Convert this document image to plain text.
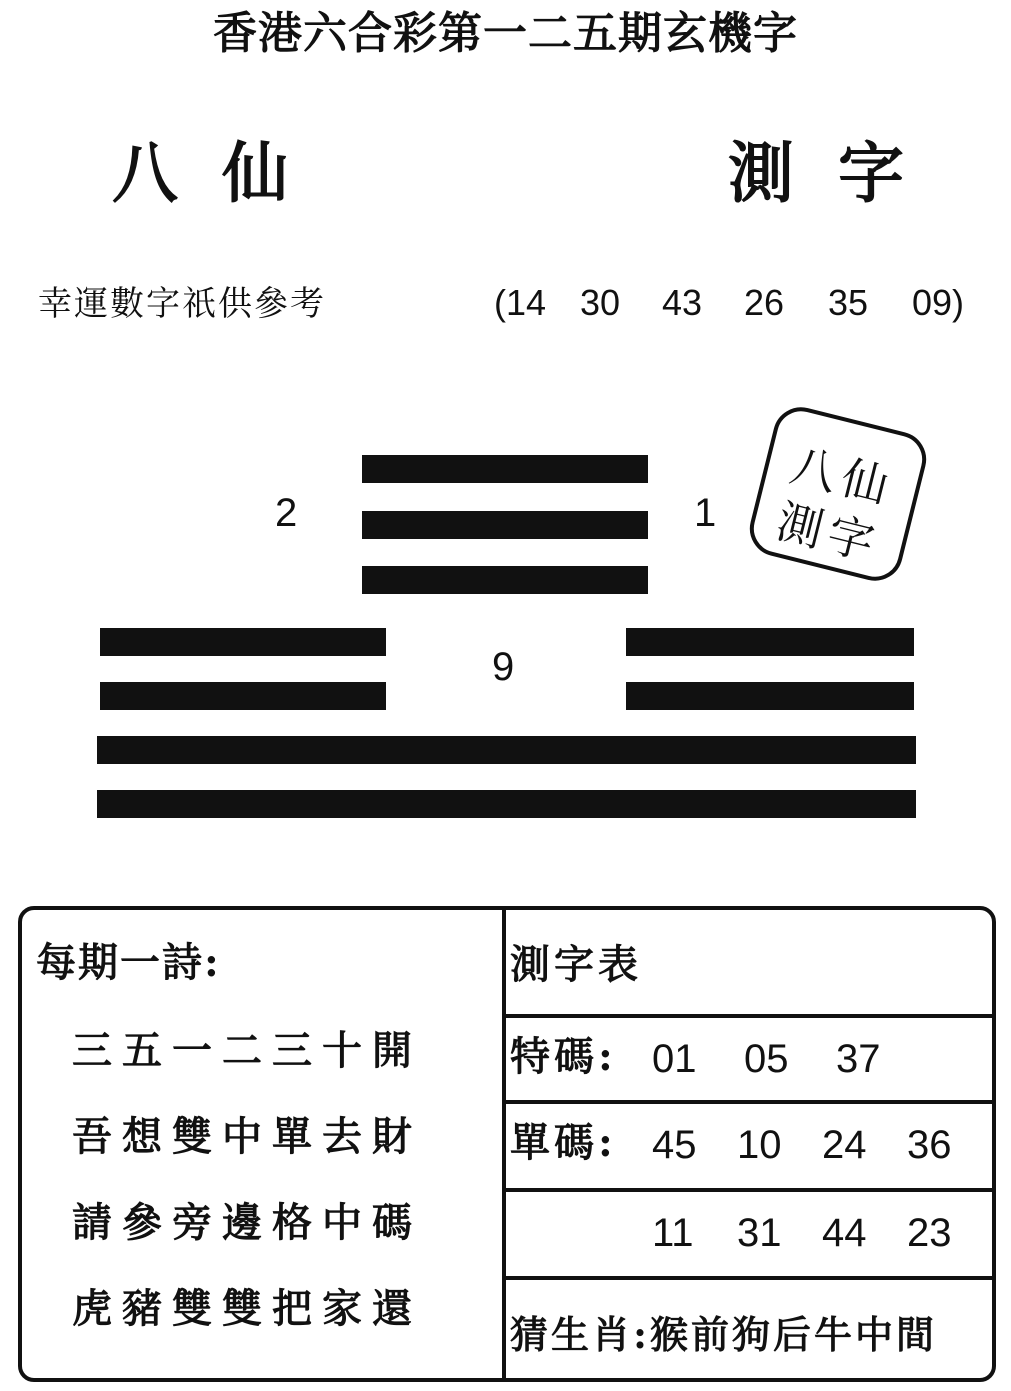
香港六合彩第一二五期玄機字
八仙	測字
幸運數字祇供參考	(14 30	43	26	35	09)
2	1	八仙
測字
9
每期一詩:
三五一二三十開
吾想雙中單去財
請參旁邊格中碼
虎豬雙雙把家還
測字表
特碼: 01	05	37
單碼: 45	10	24	36
11	31	44	23
猜生肖:猴前狗后牛中間
